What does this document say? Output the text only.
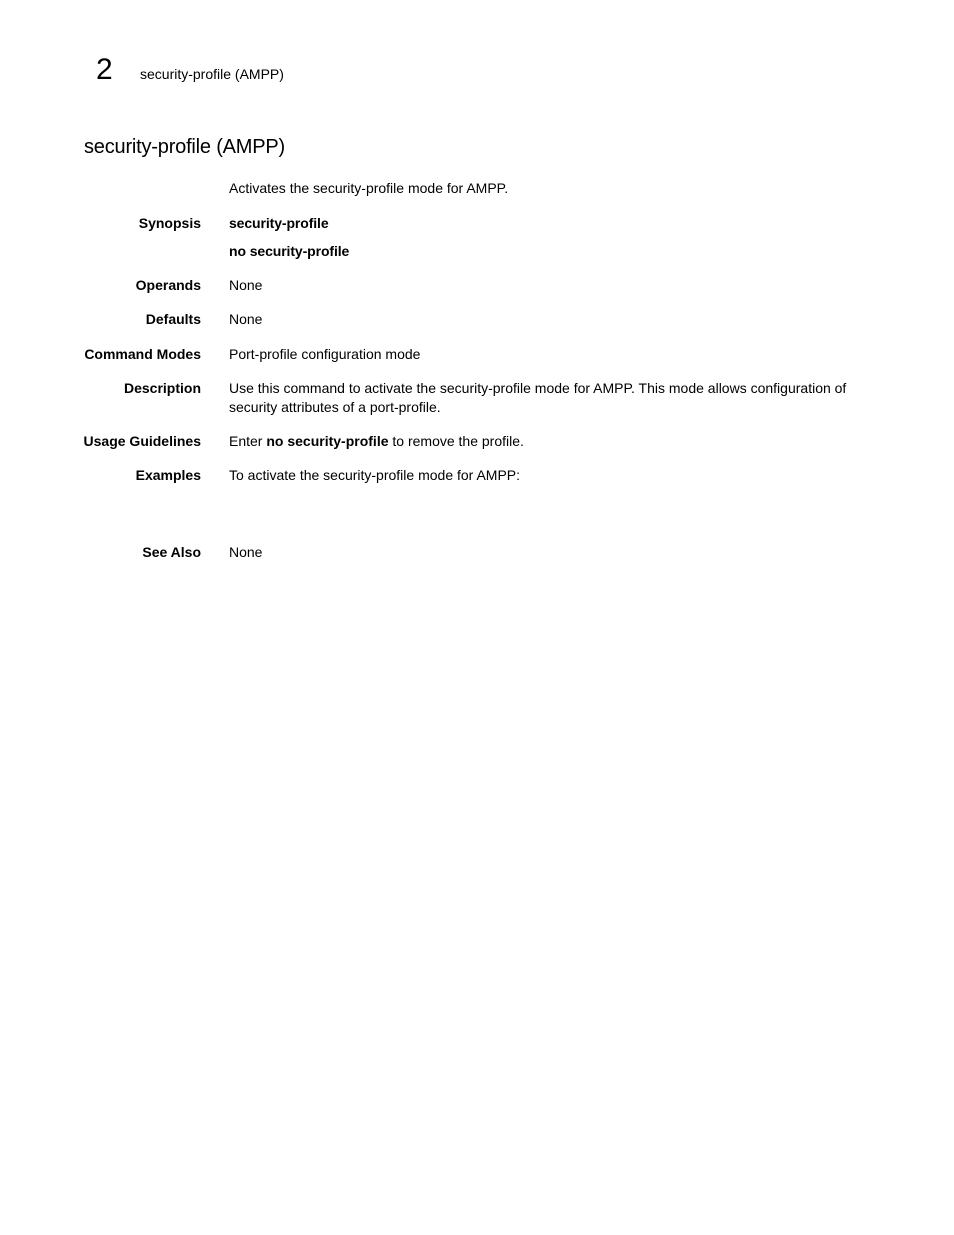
2 security-profile (AMPP)
security-profile (AMPP)
Activates the security-profile mode for AMPP.
Synopsis security-profile
no security-profile
Operands None
Defaults None
Command Modes Port-profile configuration mode
Description Use this command to activate the security-profile mode for AMPP. This mode allows configuration of security attributes of a port-profile.
Usage Guidelines Enter no security-profile to remove the profile.
Examples To activate the security-profile mode for AMPP:
See Also None
